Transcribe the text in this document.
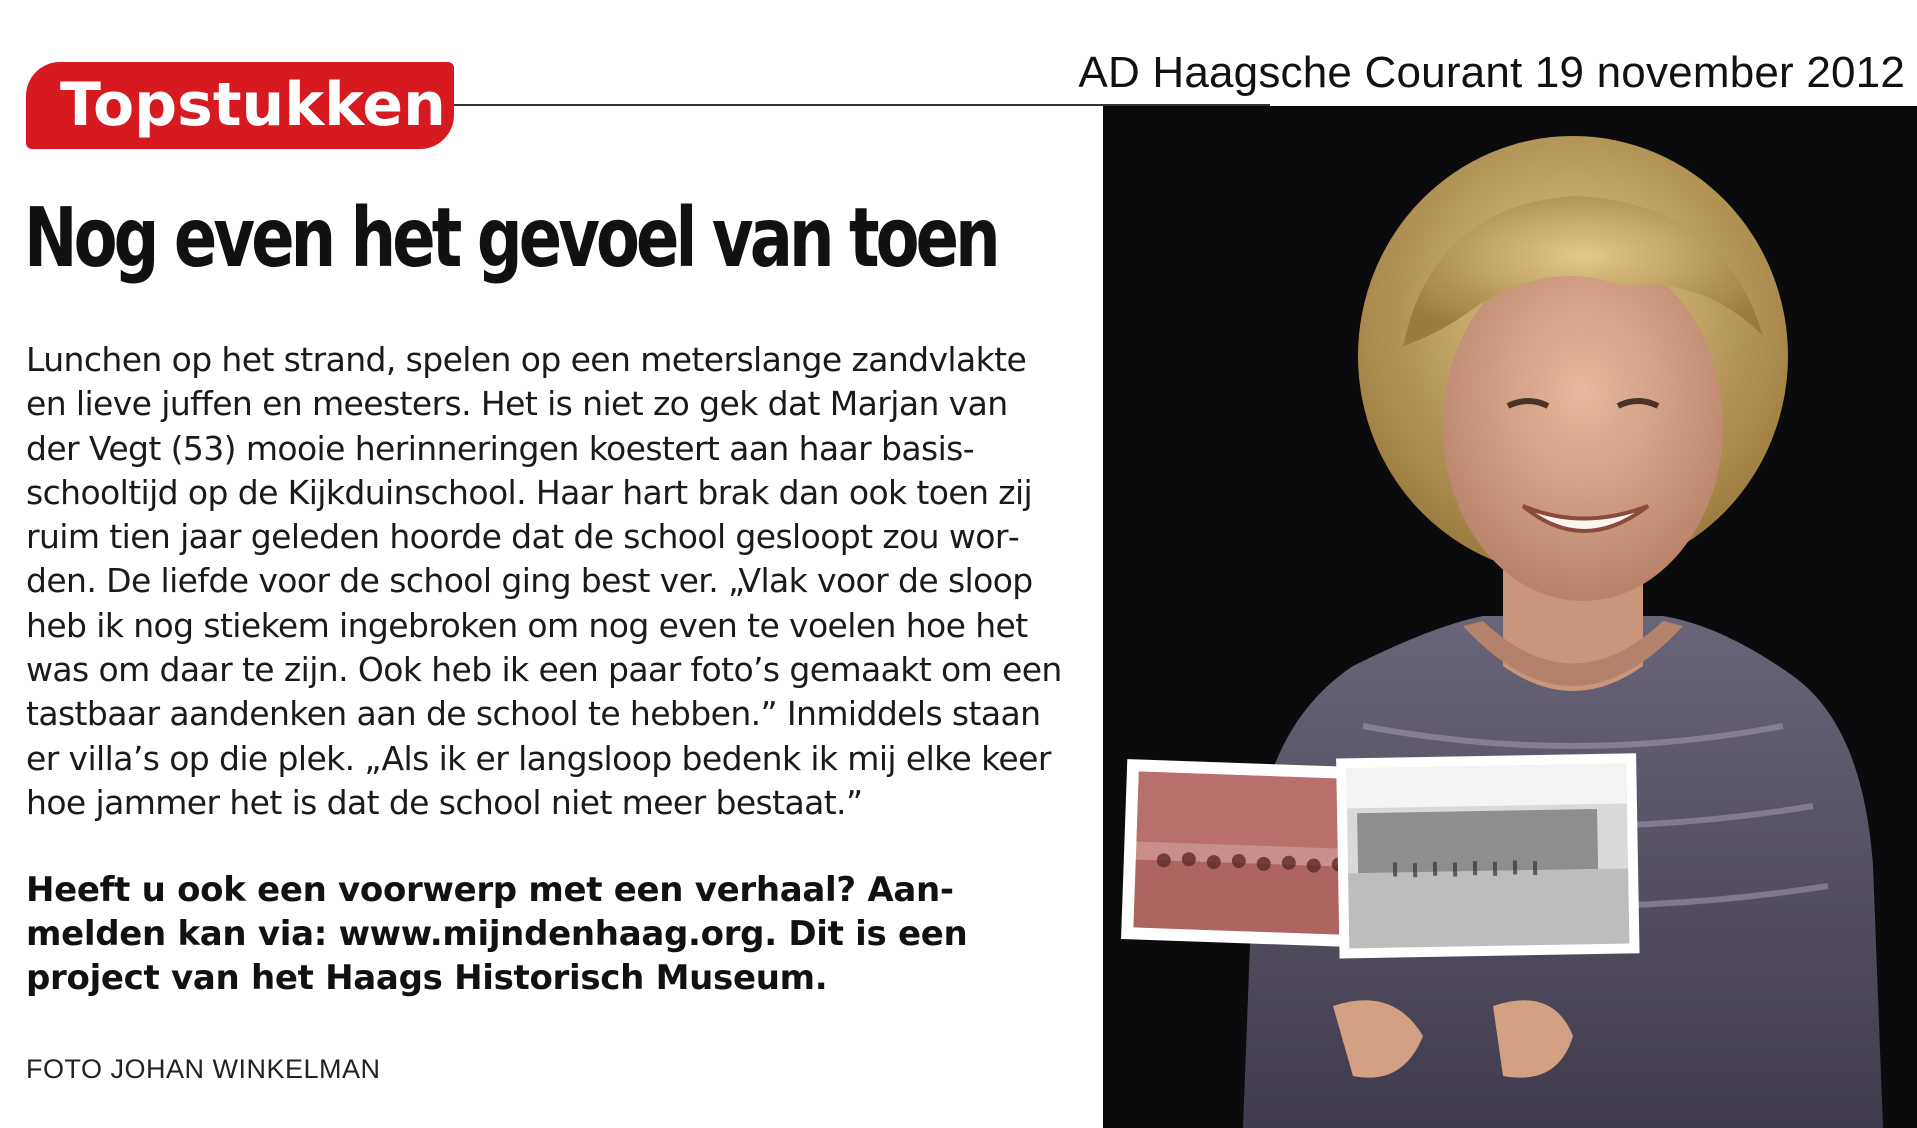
AD Haagsche Courant 19 november 2012
Topstukken
Nog even het gevoel van toen

Lunchen op het strand, spelen op een meterslange zandvlakte en lieve juffen en meesters. Het is niet zo gek dat Marjan van der Vegt (53) mooie herinneringen koestert aan haar basisschooltijd op de Kijkduinschool. Haar hart brak dan ook toen zij ruim tien jaar geleden hoorde dat de school gesloopt zou worden. De liefde voor de school ging best ver. „Vlak voor de sloop heb ik nog stiekem ingebroken om nog even te voelen hoe het was om daar te zijn. Ook heb ik een paar foto’s gemaakt om een tastbaar aandenken aan de school te hebben.” Inmiddels staan er villa’s op die plek. „Als ik er langsloop bedenk ik mij elke keer hoe jammer het is dat de school niet meer bestaat.”

Heeft u ook een voorwerp met een verhaal? Aanmelden kan via: www.mijndenhaag.org. Dit is een project van het Haags Historisch Museum.

FOTO JOHAN WINKELMAN
